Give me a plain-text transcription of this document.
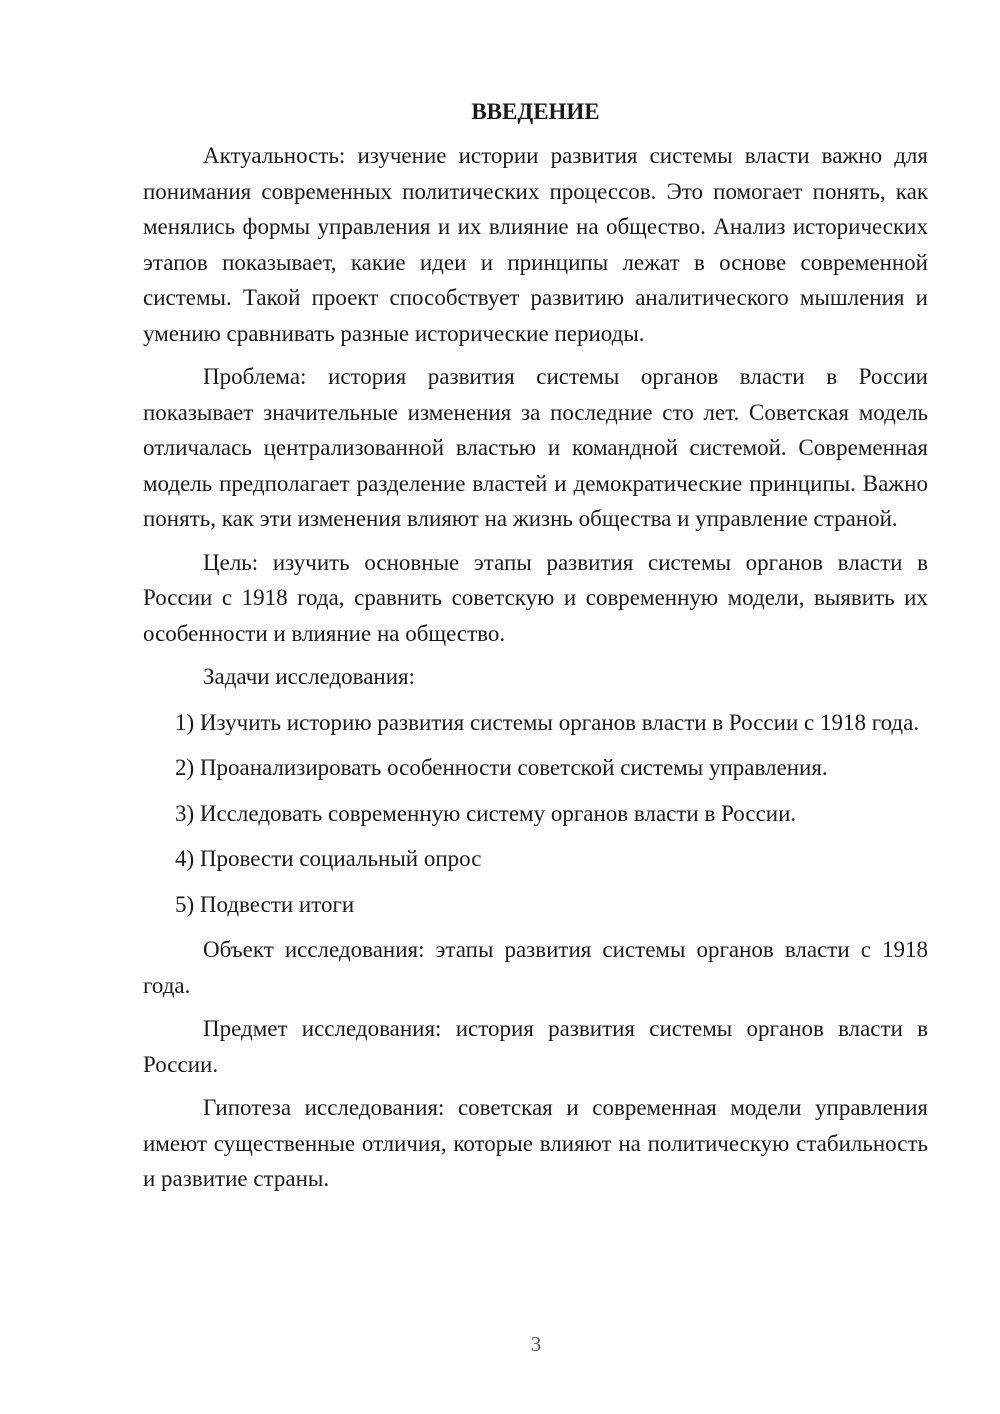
ВВЕДЕНИЕ

Актуальность: изучение истории развития системы власти важно для понимания современных политических процессов. Это помогает понять, как менялись формы управления и их влияние на общество. Анализ исторических этапов показывает, какие идеи и принципы лежат в основе современной системы. Такой проект способствует развитию аналитического мышления и умению сравнивать разные исторические периоды.

Проблема: история развития системы органов власти в России показывает значительные изменения за последние сто лет. Советская модель отличалась централизованной властью и командной системой. Современная модель предполагает разделение властей и демократические принципы. Важно понять, как эти изменения влияют на жизнь общества и управление страной.

Цель: изучить основные этапы развития системы органов власти в России с 1918 года, сравнить советскую и современную модели, выявить их особенности и влияние на общество.

Задачи исследования:

1) Изучить историю развития системы органов власти в России с 1918 года.
2) Проанализировать особенности советской системы управления.
3) Исследовать современную систему органов власти в России.
4) Провести социальный опрос
5) Подвести итоги

Объект исследования: этапы развития системы органов власти с 1918 года.

Предмет исследования: история развития системы органов власти в России.

Гипотеза исследования: советская и современная модели управления имеют существенные отличия, которые влияют на политическую стабильность и развитие страны.

3
